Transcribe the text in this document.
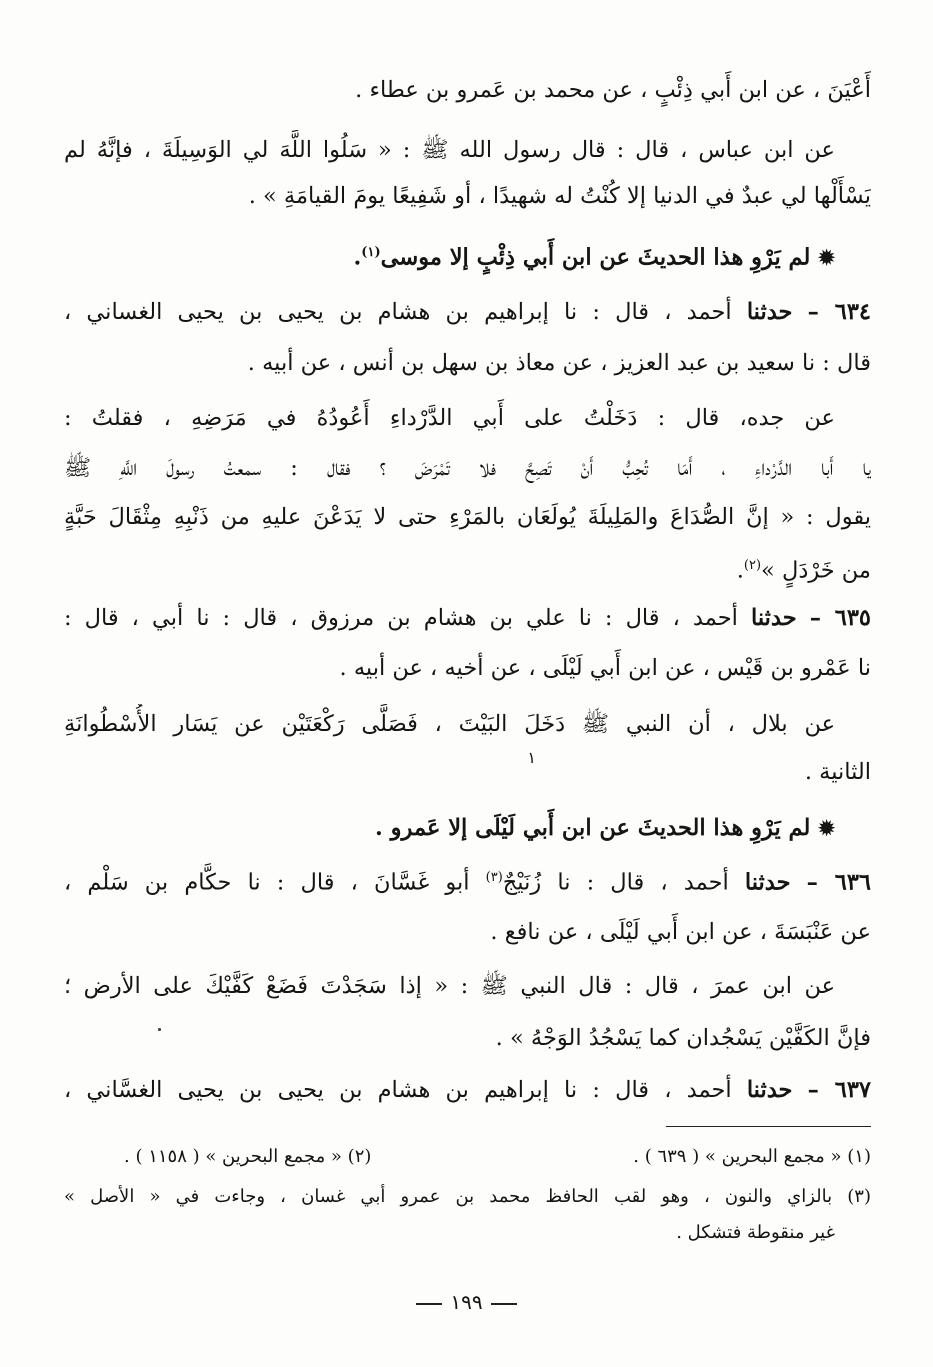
أَعْيَنَ ، عن ابن أَبي ذِئْبٍ ، عن محمد بن عَمرو بن عطاء .
عن ابن عباس ، قال : قال رسول الله ﷺ : « سَلُوا اللَّهَ لي الوَسِيلَةَ ، فإنَّهُ لم
يَسْأَلْها لي عبدٌ في الدنيا إلا كُنْتُ له شهيدًا ، أو شَفِيعًا يومَ القيامَةِ » .
✹ لم يَرْوِ هذا الحديثَ عن ابن أَبي ذِئْبٍ إلا موسى$^{(١)}$.
٦٣٤ – حدثنا أحمد ، قال : نا إبراهيم بن هشام بن يحيى بن يحيى الغساني ،
قال : نا سعيد بن عبد العزيز ، عن معاذ بن سهل بن أنس ، عن أبيه .
عن جده، قال : دَخَلْتُ على أَبي الدَّرْداءِ أَعُودُهُ في مَرَضِهِ ، فقلتُ :
يا أَبا الدَّرْداءِ ، أَمَا تُحِبُّ أَنْ تَصِحَّ فلا تَمْرَضَ ؟ فقال : سمعتُ رسولَ اللَّهِ ﷺ
يقول : « إنَّ الصُّدَاعَ والمَلِيلَةَ يُولَعَان بالمَرْءِ حتى لا يَدَعْنَ عليهِ من ذَنْبِهِ مِثْقَالَ حَبَّةٍ
من خَرْدَلٍ »$^{(٢)}$.
٦٣٥ – حدثنا أحمد ، قال : نا علي بن هشام بن مرزوق ، قال : نا أبي ، قال :
نا عَمْرو بن قَيْس ، عن ابن أَبي لَيْلَى ، عن أخيه ، عن أبيه .
عن بلال ، أن النبي ﷺ دَخَلَ البَيْتَ ، فَصَلَّى رَكْعَتَيْن عن يَسَار الأُسْطُوانَةِ
الثانية .
١
✹ لم يَرْوِ هذا الحديثَ عن ابن أَبي لَيْلَى إلا عَمرو .
٦٣٦ – حدثنا أحمد ، قال : نا زُنَيْجٌ$^{(٣)}$ أبو غَسَّانَ ، قال : نا حكَّام بن سَلْم ،
عن عَنْبَسَةَ ، عن ابن أَبي لَيْلَى ، عن نافع .
عن ابن عمرَ ، قال : قال النبي ﷺ : « إذا سَجَدْتَ فَضَعْ كَفَّيْكَ على الأرض ؛
فإنَّ الكَفَّيْن يَسْجُدان كما يَسْجُدُ الوَجْهُ » .
٦٣٧ – حدثنا أحمد ، قال : نا إبراهيم بن هشام بن يحيى بن يحيى الغسَّاني ،
(١) « مجمع البحرين » ( ٦٣٩ ) .
(٢) « مجمع البحرين » ( ١١٥٨ ) .
(٣) بالزاي والنون ، وهو لقب الحافظ محمد بن عمرو أبي غسان ، وجاءت في « الأصل »
غير منقوطة فتشكل .
١٩٩
